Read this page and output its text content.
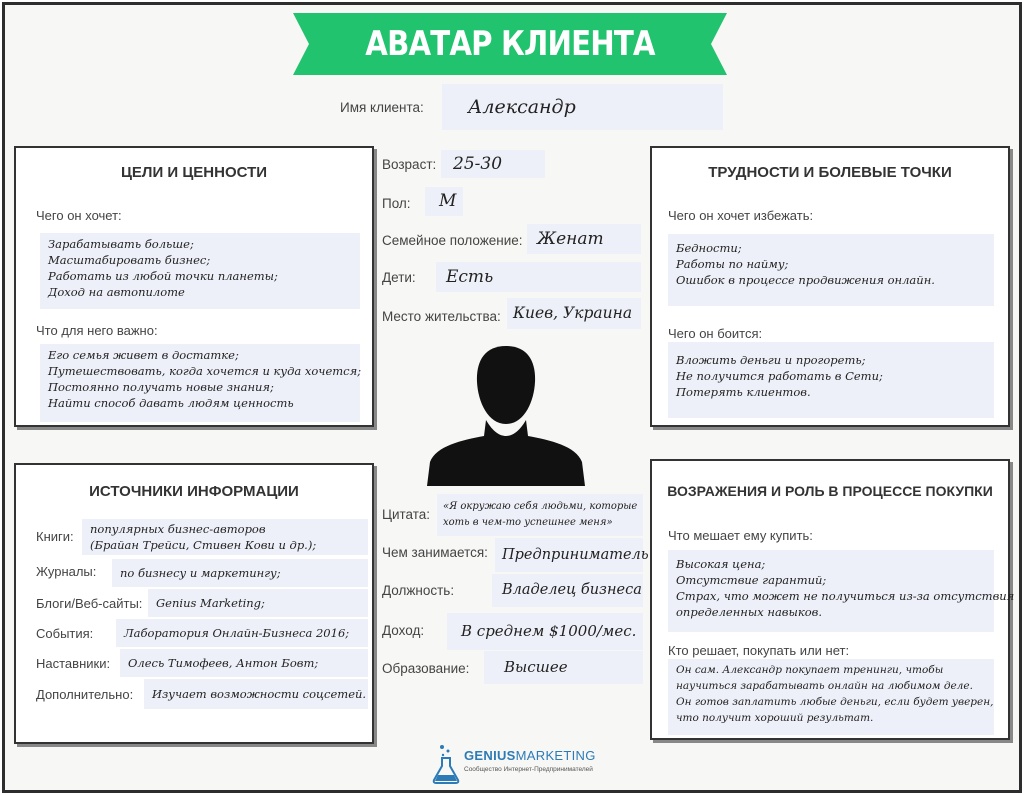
АВАТАР КЛИЕНТА
Имя клиента:	Александр
Возраст: 25-30
Пол:	М
Семейное положение: Женат
Дети:	Есть
Место жительства: Киев, Украина
Цитата:
«Я окружаю себя людьми, которые
хоть в чем-то успешнее меня»
Чем занимается: Предприниматель
Должность:	Владелец бизнеса
Доход:	В среднем $1000/мес.
Образование:	Высшее
ЦЕЛИ И ЦЕННОСТИ
Чего он хочет:
Зарабатывать больше;
Масштабировать бизнес;
Работать из любой точки планеты;
Доход на автопилоте
Что для него важно:
Его семья живет в достатке;
Путешествовать, когда хочется и куда хочется;
Постоянно получать новые знания;
Найти способ давать людям ценность
ТРУДНОСТИ И БОЛЕВЫЕ ТОЧКИ
Чего он хочет избежать:
Бедности;
Работы по найму;
Ошибок в процессе продвижения онлайн.
Чего он боится:
Вложить деньги и прогореть;
Не получится работать в Сети;
Потерять клиентов.
ИСТОЧНИКИ ИНФОРМАЦИИ
Книги: популярных бизнес-авторов
(Брайан Трейси, Стивен Кови и др.);
Журналы:	по бизнесу и маркетингу;
Блоги/Веб-сайты:	Genius Marketing;
События:	Лаборатория Онлайн-Бизнеса 2016;
Наставники:	Олесь Тимофеев, Антон Бовт;
Дополнительно:	Изучает возможности соцсетей.
ВОЗРАЖЕНИЯ И РОЛЬ В ПРОЦЕССЕ ПОКУПКИ
Что мешает ему купить:
Высокая цена;
Отсутствие гарантий;
Страх, что может не получиться из-за отсутствия
определенных навыков.
Кто решает, покупать или нет:
Он сам. Александр покупает тренинги, чтобы
научиться зарабатывать онлайн на любимом деле.
Он готов заплатить любые деньги, если будет уверен,
что получит хороший результат.
GENIUSMARKETING
Сообщество Интернет-Предпринимателей
